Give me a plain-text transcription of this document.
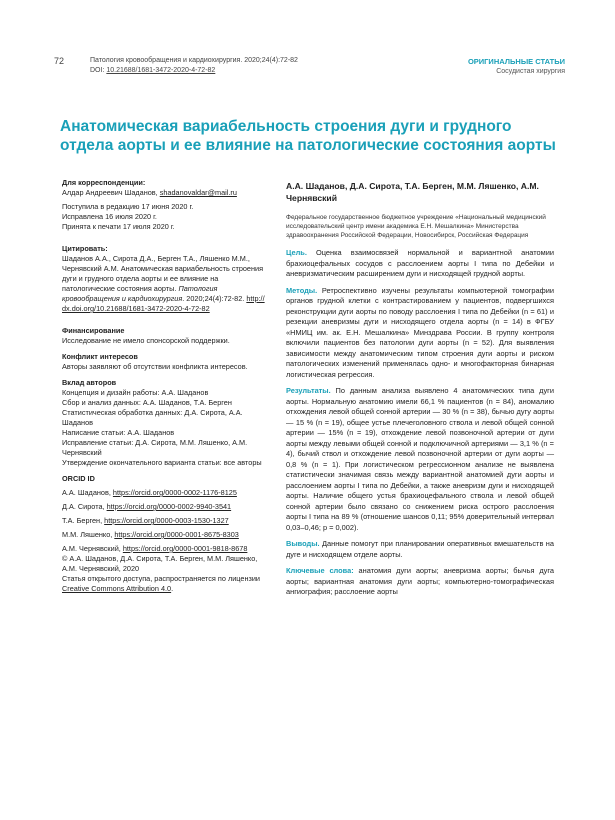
72	Патология кровообращения и кардиохирургия. 2020;24(4):72-82
DOI: 10.21688/1681-3472-2020-4-72-82
ОРИГИНАЛЬНЫЕ СТАТЬИ
Сосудистая хирургия
Анатомическая вариабельность строения дуги и грудного отдела аорты и ее влияние на патологические состояния аорты

Для корреспонденции:

Алдар Андреевич Шаданов, shadanovaldar@mail.ru

Поступила в редакцию 17 июня 2020 г.

Исправлена 16 июля 2020 г.

Принята к печати 17 июля 2020 г.

Цитировать:

Шаданов А.А., Сирота Д.А., Берген Т.А., Ляшенко М.М., Чернявский А.М. Анатомическая вариабельность строения дуги и грудного отдела аорты и ее влияние на патологические состояния аорты. Патология кровообращения и кардиохирургия. 2020;24(4):72-82. http://dx.doi.org/10.21688/1681-3472-2020-4-72-82

Финансирование

Исследование не имело спонсорской поддержки.

Конфликт интересов

Авторы заявляют об отсутствии конфликта интересов.

Вклад авторов

Концепция и дизайн работы: А.А. Шаданов

Сбор и анализ данных: А.А. Шаданов, Т.А. Берген

Статистическая обработка данных: Д.А. Сирота, А.А. Шаданов

Написание статьи: А.А. Шаданов

Исправление статьи: Д.А. Сирота, М.М. Ляшенко, А.М. Чернявский

Утверждение окончательного варианта статьи: все авторы

ORCID ID

А.А. Шаданов, https://orcid.org/0000-0002-1176-8125

Д.А. Сирота, https://orcid.org/0000-0002-9940-3541

Т.А. Берген, https://orcid.org/0000-0003-1530-1327

М.М. Ляшенко, https://orcid.org/0000-0001-8675-8303

А.М. Чернявский, https://orcid.org/0000-0001-9818-8678

© А.А. Шаданов, Д.А. Сирота, Т.А. Берген, М.М. Ляшенко, А.М. Чернявский, 2020

Статья открытого доступа, распространяется по лицензии Creative Commons Attribution 4.0.

А.А. Шаданов, Д.А. Сирота, Т.А. Берген, М.М. Ляшенко, А.М. Чернявский
Федеральное государственное бюджетное учреждение «Национальный медицинский исследовательский центр имени академика Е.Н. Мешалкина» Министерства здравоохранения Российской Федерации, Новосибирск, Российская Федерация
Цель. Оценка взаимосвязей нормальной и вариантной анатомии брахиоцефальных сосудов с расслоением аорты I типа по Дебейки и аневризматическим расширением дуги и нисходящей грудной аорты.
Методы. Ретроспективно изучены результаты компьютерной томографии органов грудной клетки с контрастированием у пациентов, подвергшихся реконструкции дуги аорты по поводу расслоения I типа по Дебейки (n = 61) и резекции аневризмы дуги и нисходящего отдела аорты (n = 14) в ФГБУ «НМИЦ им. ак. Е.Н. Мешалкина» Минздрава России. В группу контроля включили пациентов без патологии дуги аорты (n = 52). Для выявления зависимости между анатомическим типом строения дуги аорты и риском патологических изменений применялась одно- и многофакторная бинарная логистическая регрессия.
Результаты. По данным анализа выявлено 4 анатомических типа дуги аорты. Нормальную анатомию имели 66,1 % пациентов (n = 84), аномалию отхождения левой общей сонной артерии — 30 % (n = 38), бычью дугу аорты — 15 % (n = 19), общее устье плечеголовного ствола и левой общей сонной артерии — 15% (n = 19), отхождение левой позвоночной артерии от дуги аорты между левыми общей сонной и подключичной артериями — 3,1 % (n = 4), бычий ствол и отхождение левой позвоночной артерии от дуги аорты — 0,8 % (n = 1). При логистическом регрессионном анализе не выявлена статистически значимая связь между вариантной анатомией дуги аорты и расслоением аорты I типа по Дебейки, а также аневризм дуги и нисходящей аорты. Наличие общего устья брахиоцефального ствола и левой общей сонной артерии было связано со снижением риска острого расслоения аорты I типа на 89 % (отношение шансов 0,11; 95% доверительный интервал 0,03–0,46; p = 0,002).
Выводы. Данные помогут при планировании оперативных вмешательств на дуге и нисходящем отделе аорты.
Ключевые слова: анатомия дуги аорты; аневризма аорты; бычья дуга аорты; вариантная анатомия дуги аорты; компьютерно-томографическая ангиография; расслоение аорты
